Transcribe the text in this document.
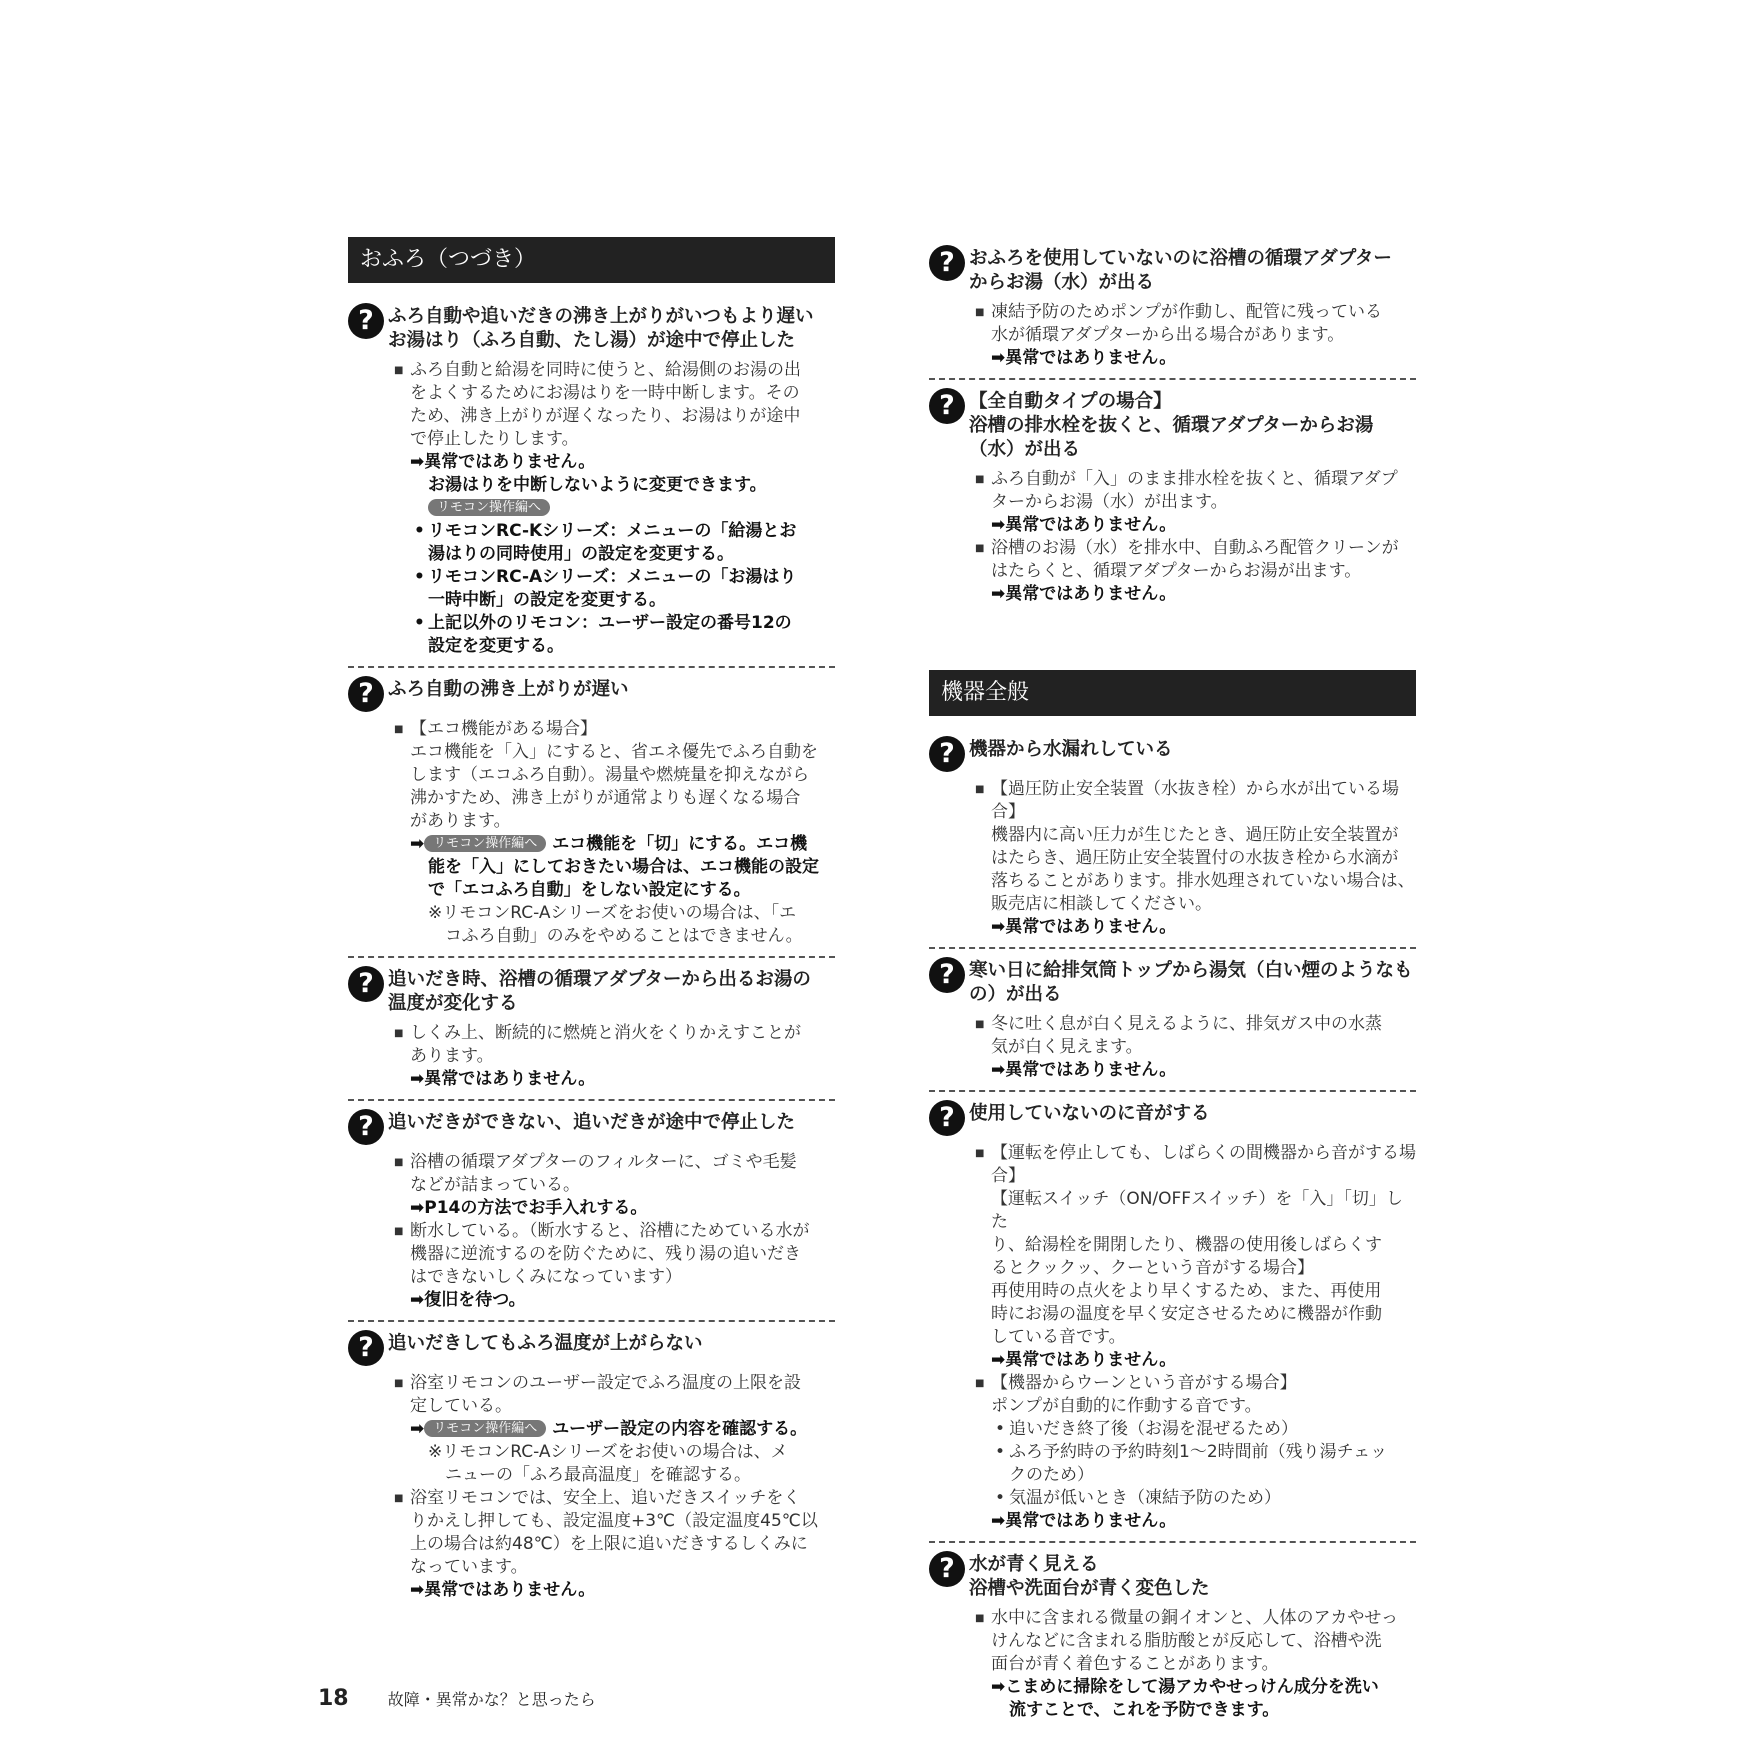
おふろ（つづき）
? ふろ自動や追いだきの沸き上がりがいつもより遅い
お湯はり（ふろ自動、たし湯）が途中で停止した
■ ふろ自動と給湯を同時に使うと、給湯側のお湯の出
をよくするためにお湯はりを一時中断します。その
ため、沸き上がりが遅くなったり、お湯はりが途中
で停止したりします。
➡異常ではありません。
お湯はりを中断しないように変更できます。
リモコン操作編へ
• リモコンRC-Kシリーズ：メニューの「給湯とお
湯はりの同時使用」の設定を変更する。
• リモコンRC-Aシリーズ：メニューの「お湯はり
一時中断」の設定を変更する。
• 上記以外のリモコン：ユーザー設定の番号12の
設定を変更する。
? ふろ自動の沸き上がりが遅い
■ 【エコ機能がある場合】
エコ機能を「入」にすると、省エネ優先でふろ自動を
します（エコふろ自動）。湯量や燃焼量を抑えながら
沸かすため、沸き上がりが通常よりも遅くなる場合
があります。
➡ リモコン操作編へ エコ機能を「切」にする。エコ機
能を「入」にしておきたい場合は、エコ機能の設定
で「エコふろ自動」をしない設定にする。
※リモコンRC-Aシリーズをお使いの場合は、「エ
　コふろ自動」のみをやめることはできません。
? 追いだき時、浴槽の循環アダプターから出るお湯の
温度が変化する
■ しくみ上、断続的に燃焼と消火をくりかえすことが
あります。
➡異常ではありません。
? 追いだきができない、追いだきが途中で停止した
■ 浴槽の循環アダプターのフィルターに、ゴミや毛髪
などが詰まっている。
➡P14の方法でお手入れする。
■ 断水している。（断水すると、浴槽にためている水が
機器に逆流するのを防ぐために、残り湯の追いだき
はできないしくみになっています）
➡復旧を待つ。
? 追いだきしてもふろ温度が上がらない
■ 浴室リモコンのユーザー設定でふろ温度の上限を設
定している。
➡ リモコン操作編へ ユーザー設定の内容を確認する。
※リモコンRC-Aシリーズをお使いの場合は、メ
　ニューの「ふろ最高温度」を確認する。
■ 浴室リモコンでは、安全上、追いだきスイッチをく
りかえし押しても、設定温度+3℃（設定温度45℃以
上の場合は約48℃）を上限に追いだきするしくみに
なっています。
➡異常ではありません。
? おふろを使用していないのに浴槽の循環アダプター
からお湯（水）が出る
■ 凍結予防のためポンプが作動し、配管に残っている
水が循環アダプターから出る場合があります。
➡異常ではありません。
? 【全自動タイプの場合】
浴槽の排水栓を抜くと、循環アダプターからお湯
（水）が出る
■ ふろ自動が「入」のまま排水栓を抜くと、循環アダプ
ターからお湯（水）が出ます。
➡異常ではありません。
■ 浴槽のお湯（水）を排水中、自動ふろ配管クリーンが
はたらくと、循環アダプターからお湯が出ます。
➡異常ではありません。
機器全般
? 機器から水漏れしている
■ 【過圧防止安全装置（水抜き栓）から水が出ている場合】
機器内に高い圧力が生じたとき、過圧防止安全装置が
はたらき、過圧防止安全装置付の水抜き栓から水滴が
落ちることがあります。排水処理されていない場合は、
販売店に相談してください。
➡異常ではありません。
? 寒い日に給排気筒トップから湯気（白い煙のようなも
の）が出る
■ 冬に吐く息が白く見えるように、排気ガス中の水蒸
気が白く見えます。
➡異常ではありません。
? 使用していないのに音がする
■ 【運転を停止しても、しばらくの間機器から音がする場合】
【運転スイッチ（ON/OFFスイッチ）を「入」「切」した
り、給湯栓を開閉したり、機器の使用後しばらくす
るとクックッ、クーという音がする場合】
再使用時の点火をより早くするため、また、再使用
時にお湯の温度を早く安定させるために機器が作動
している音です。
➡異常ではありません。
■ 【機器からウーンという音がする場合】
ポンプが自動的に作動する音です。
• 追いだき終了後（お湯を混ぜるため）
• ふろ予約時の予約時刻1～2時間前（残り湯チェッ
クのため）
• 気温が低いとき（凍結予防のため）
➡異常ではありません。
? 水が青く見える
浴槽や洗面台が青く変色した
■ 水中に含まれる微量の銅イオンと、人体のアカやせっ
けんなどに含まれる脂肪酸とが反応して、浴槽や洗
面台が青く着色することがあります。
➡こまめに掃除をして湯アカやせっけん成分を洗い
流すことで、これを予防できます。
18 故障・異常かな？と思ったら
